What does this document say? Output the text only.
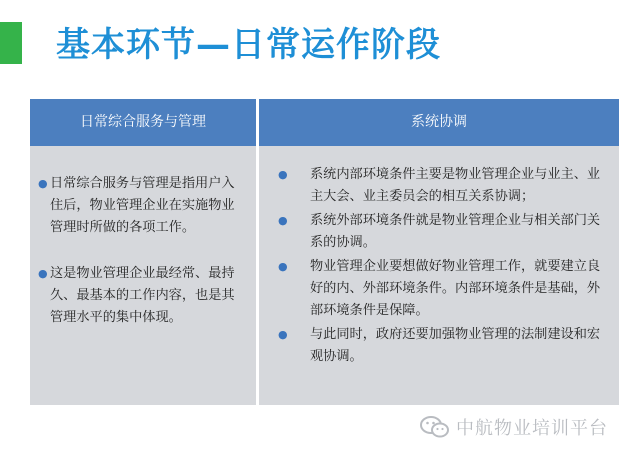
基本环节—日常运作阶段
日常综合服务与管理
● 日常综合服务与管理是指用户入住后，物业管理企业在实施物业管理时所做的各项工作。
● 这是物业管理企业最经常、最持久、最基本的工作内容，也是其管理水平的集中体现。
系统协调
● 系统内部环境条件主要是物业管理企业与业主、业主大会、业主委员会的相互关系协调；
● 系统外部环境条件就是物业管理企业与相关部门关系的协调。
● 物业管理企业要想做好物业管理工作，就要建立良好的内、外部环境条件。内部环境条件是基础，外部环境条件是保障。
● 与此同时，政府还要加强物业管理的法制建设和宏观协调。
中航物业培训平台
